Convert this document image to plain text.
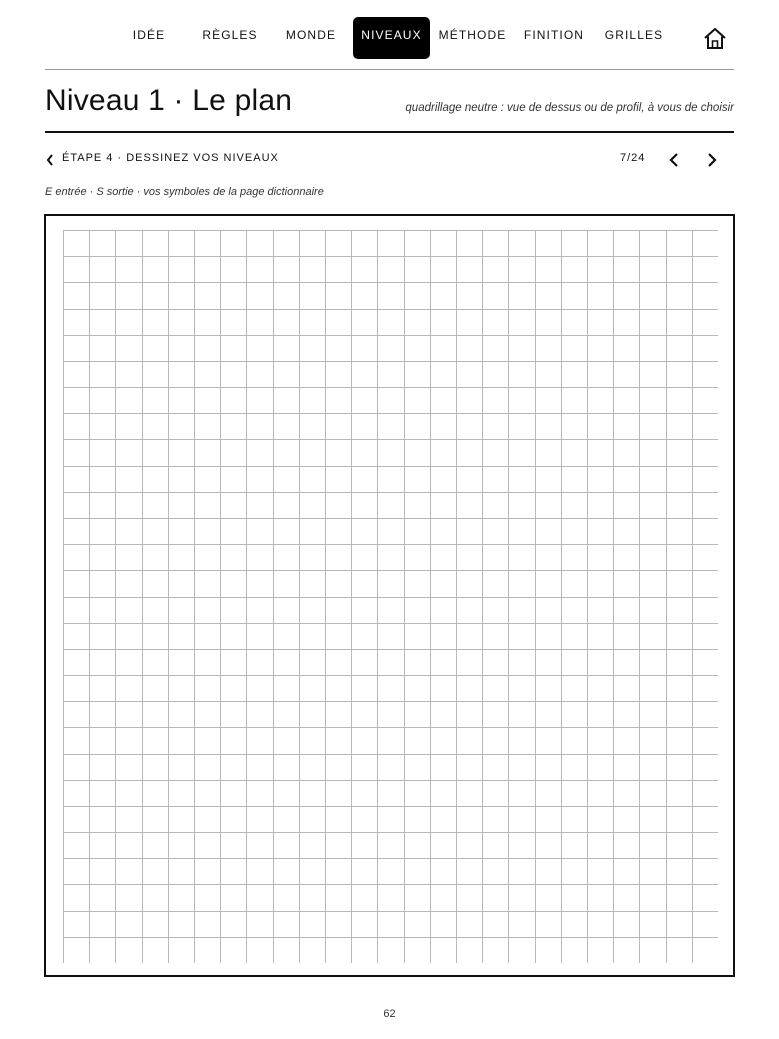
IDÉE	RÈGLES	MONDE	NIVEAUX	MÉTHODE	FINITION	GRILLES
Niveau 1 · Le plan	quadrillage neutre : vue de dessus ou de profil, à vous de choisir
ÉTAPE 4 · DESSINEZ VOS NIVEAUX	7/24
E entrée · S sortie · vos symboles de la page dictionnaire
62
